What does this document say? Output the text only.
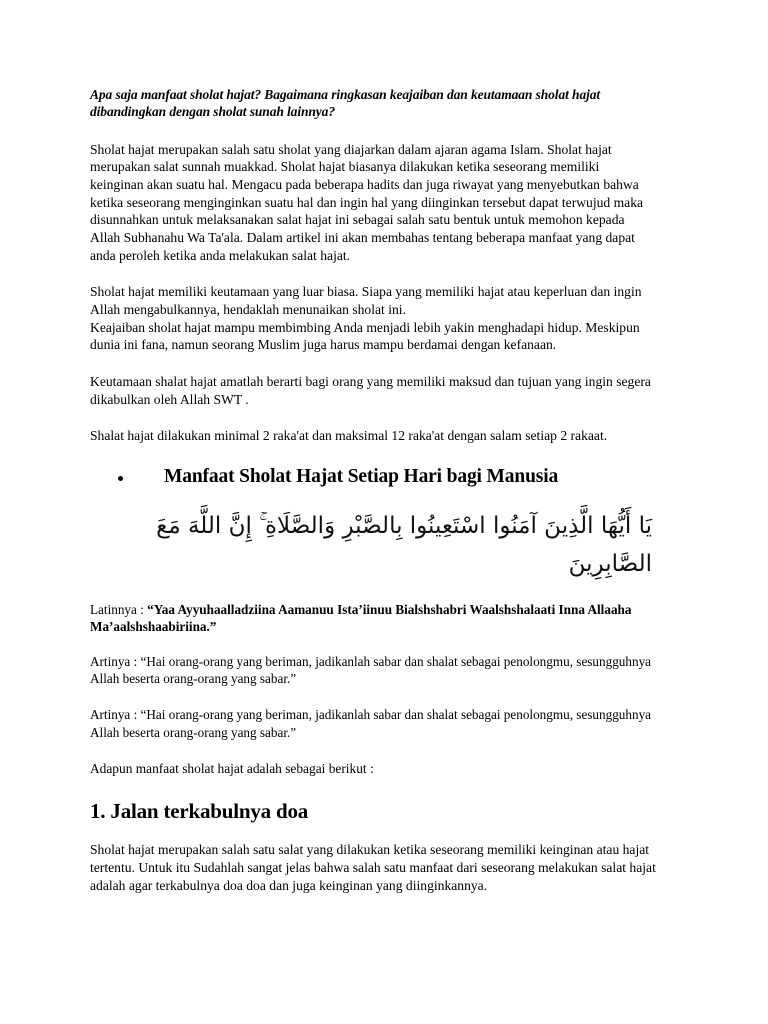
Apa saja manfaat sholat hajat? Bagaimana ringkasan keajaiban dan keutamaan sholat hajat dibandingkan dengan sholat sunah lainnya?

Sholat hajat merupakan salah satu sholat yang diajarkan dalam ajaran agama Islam. Sholat hajat merupakan salat sunnah muakkad. Sholat hajat biasanya dilakukan ketika seseorang memiliki keinginan akan suatu hal. Mengacu pada beberapa hadits dan juga riwayat yang menyebutkan bahwa ketika seseorang menginginkan suatu hal dan ingin hal yang diinginkan tersebut dapat terwujud maka disunnahkan untuk melaksanakan salat hajat ini sebagai salah satu bentuk untuk memohon kepada Allah Subhanahu Wa Ta'ala. Dalam artikel ini akan membahas tentang beberapa manfaat yang dapat anda peroleh ketika anda melakukan salat hajat.

Sholat hajat memiliki keutamaan yang luar biasa. Siapa yang memiliki hajat atau keperluan dan ingin Allah mengabulkannya, hendaklah menunaikan sholat ini.
Keajaiban sholat hajat mampu membimbing Anda menjadi lebih yakin menghadapi hidup. Meskipun dunia ini fana, namun seorang Muslim juga harus mampu berdamai dengan kefanaan.

Keutamaan shalat hajat amatlah berarti bagi orang yang memiliki maksud dan tujuan yang ingin segera dikabulkan oleh Allah SWT .

Shalat hajat dilakukan minimal 2 raka'at dan maksimal 12 raka'at dengan salam setiap 2 rakaat.

Manfaat Sholat Hajat Setiap Hari bagi Manusia

يَا أَيُّهَا الَّذِينَ آمَنُوا اسْتَعِينُوا بِالصَّبْرِ وَالصَّلَاةِ ۚ إِنَّ اللَّهَ مَعَ الصَّابِرِينَ

Latinnya : “Yaa Ayyuhaalladziina Aamanuu Ista’iinuu Bialshshabri Waalshshalaati Inna Allaaha Ma’aalshshaabiriina.”

Artinya : “Hai orang-orang yang beriman, jadikanlah sabar dan shalat sebagai penolongmu, sesungguhnya Allah beserta orang-orang yang sabar.”

Artinya : “Hai orang-orang yang beriman, jadikanlah sabar dan shalat sebagai penolongmu, sesungguhnya Allah beserta orang-orang yang sabar.”

Adapun manfaat sholat hajat adalah sebagai berikut :

1. Jalan terkabulnya doa

Sholat hajat merupakan salah satu salat yang dilakukan ketika seseorang memiliki keinginan atau hajat tertentu. Untuk itu Sudahlah sangat jelas bahwa salah satu manfaat dari seseorang melakukan salat hajat adalah agar terkabulnya doa doa dan juga keinginan yang diinginkannya.
